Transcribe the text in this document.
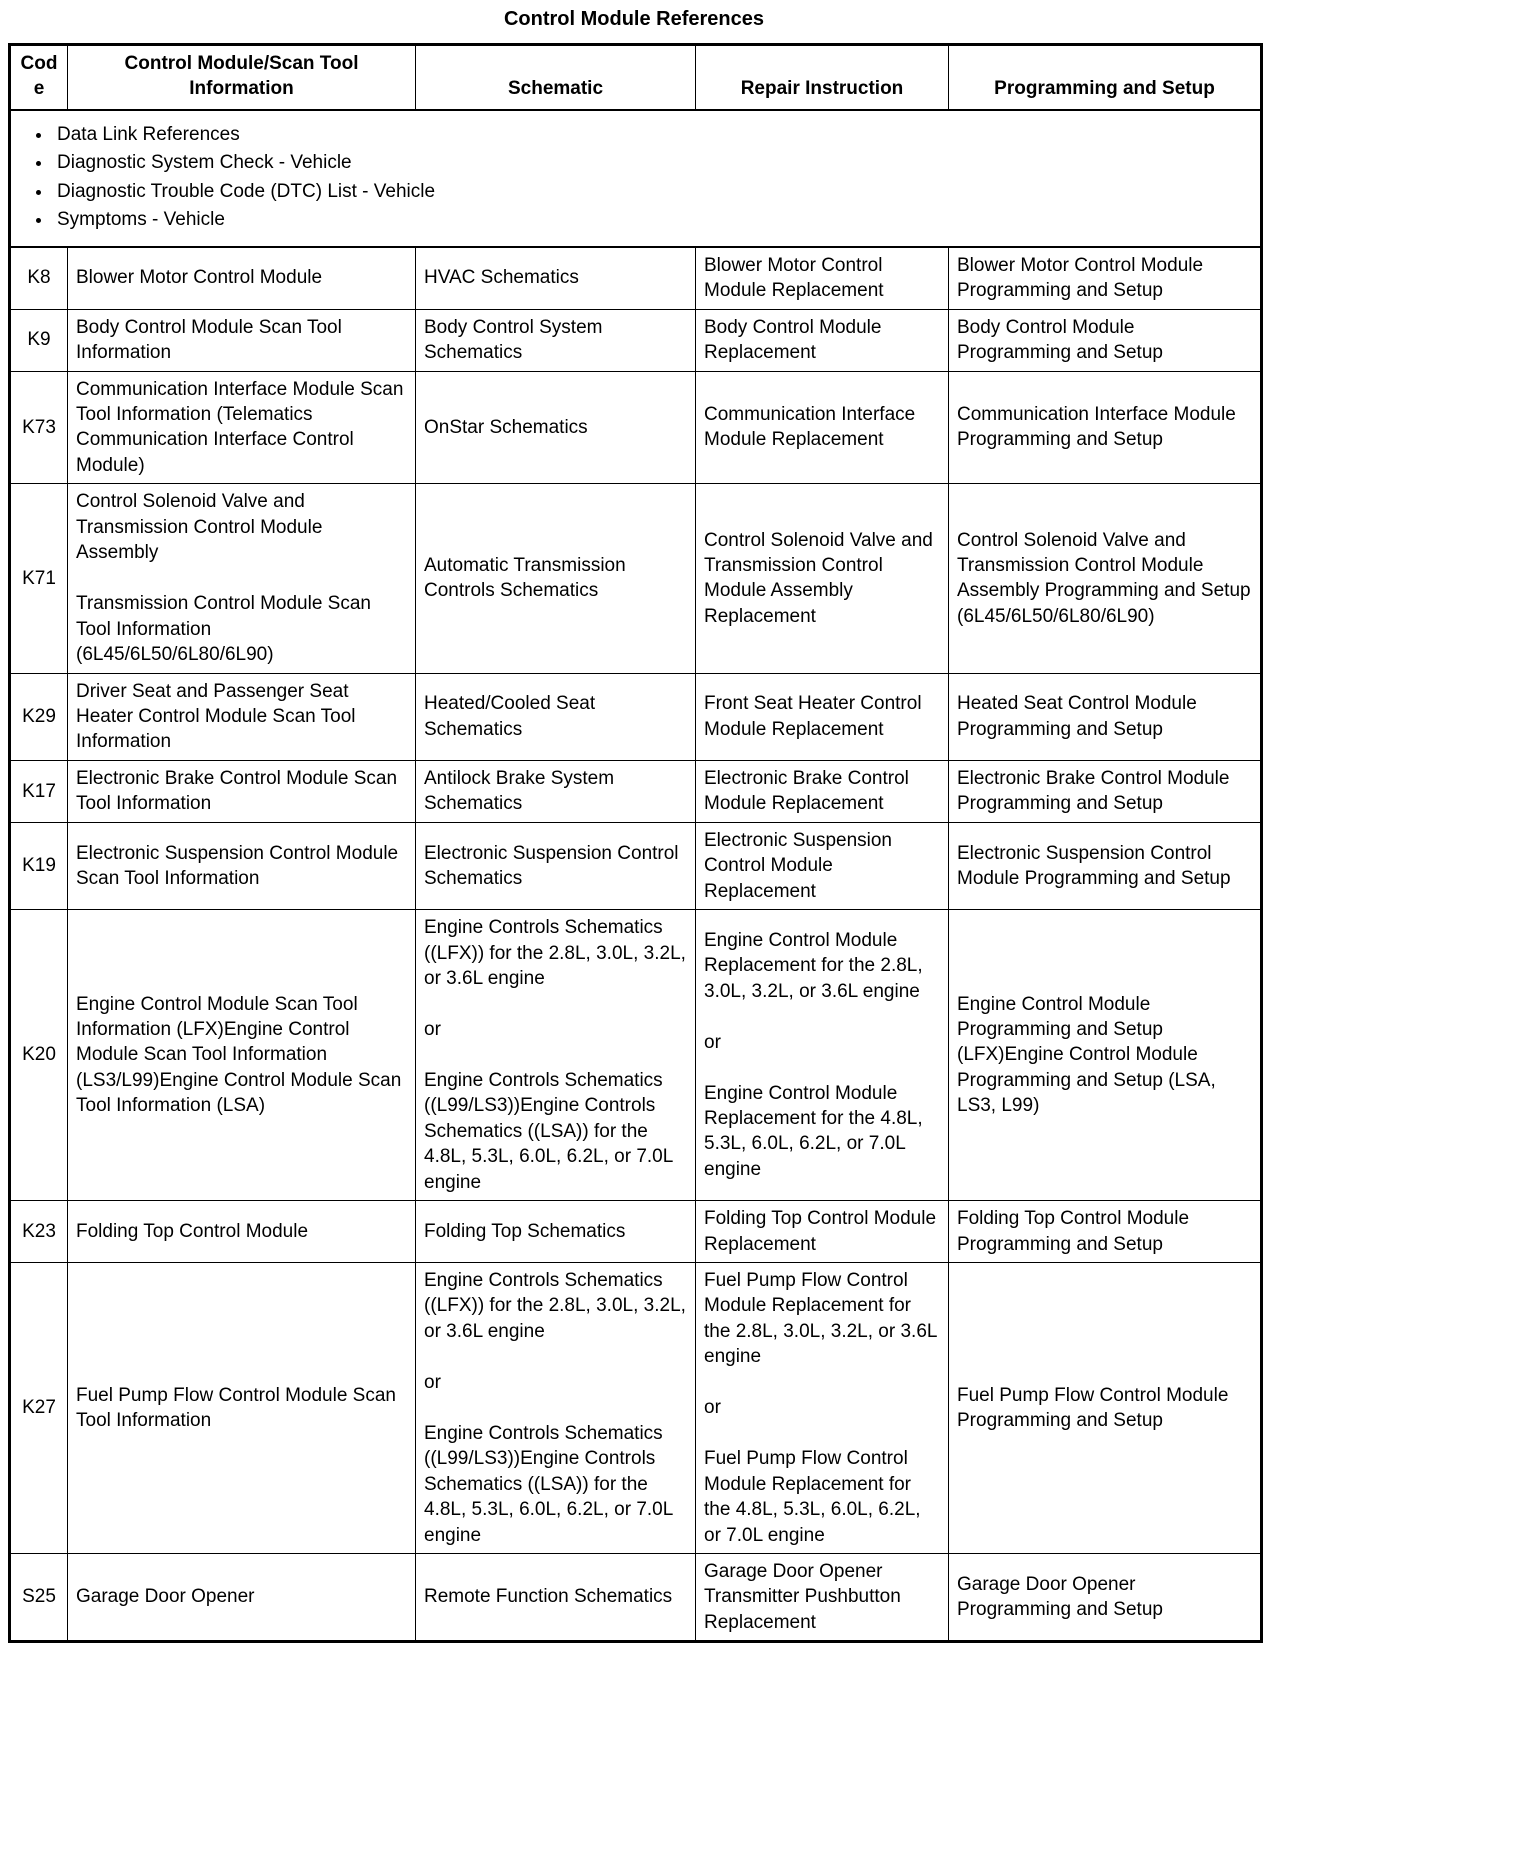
Control Module References
Code	Control Module/Scan Tool Information	Schematic	Repair Instruction	Programming and Setup

• Data Link References
• Diagnostic System Check - Vehicle
• Diagnostic Trouble Code (DTC) List - Vehicle
• Symptoms - Vehicle

K8	Blower Motor Control Module	HVAC Schematics	Blower Motor Control Module Replacement	Blower Motor Control Module Programming and Setup
K9	Body Control Module Scan Tool Information	Body Control System Schematics	Body Control Module Replacement	Body Control Module Programming and Setup
K73	Communication Interface Module Scan Tool Information (Telematics Communication Interface Control Module)	OnStar Schematics	Communication Interface Module Replacement	Communication Interface Module Programming and Setup
K71	Control Solenoid Valve and Transmission Control Module Assembly

Transmission Control Module Scan Tool Information (6L45/6L50/6L80/6L90)	Automatic Transmission Controls Schematics	Control Solenoid Valve and Transmission Control Module Assembly Replacement	Control Solenoid Valve and Transmission Control Module Assembly Programming and Setup (6L45/6L50/6L80/6L90)
K29	Driver Seat and Passenger Seat Heater Control Module Scan Tool Information	Heated/Cooled Seat Schematics	Front Seat Heater Control Module Replacement	Heated Seat Control Module Programming and Setup
K17	Electronic Brake Control Module Scan Tool Information	Antilock Brake System Schematics	Electronic Brake Control Module Replacement	Electronic Brake Control Module Programming and Setup
K19	Electronic Suspension Control Module Scan Tool Information	Electronic Suspension Control Schematics	Electronic Suspension Control Module Replacement	Electronic Suspension Control Module Programming and Setup
K20	Engine Control Module Scan Tool Information (LFX)Engine Control Module Scan Tool Information (LS3/L99)Engine Control Module Scan Tool Information (LSA)	Engine Controls Schematics ((LFX)) for the 2.8L, 3.0L, 3.2L, or 3.6L engine

or

Engine Controls Schematics ((L99/LS3))Engine Controls Schematics ((LSA)) for the 4.8L, 5.3L, 6.0L, 6.2L, or 7.0L engine	Engine Control Module Replacement for the 2.8L, 3.0L, 3.2L, or 3.6L engine

or

Engine Control Module Replacement for the 4.8L, 5.3L, 6.0L, 6.2L, or 7.0L engine	Engine Control Module Programming and Setup (LFX)Engine Control Module Programming and Setup (LSA, LS3, L99)
K23	Folding Top Control Module	Folding Top Schematics	Folding Top Control Module Replacement	Folding Top Control Module Programming and Setup
K27	Fuel Pump Flow Control Module Scan Tool Information	Engine Controls Schematics ((LFX)) for the 2.8L, 3.0L, 3.2L, or 3.6L engine

or

Engine Controls Schematics ((L99/LS3))Engine Controls Schematics ((LSA)) for the 4.8L, 5.3L, 6.0L, 6.2L, or 7.0L engine	Fuel Pump Flow Control Module Replacement for the 2.8L, 3.0L, 3.2L, or 3.6L engine

or

Fuel Pump Flow Control Module Replacement for the 4.8L, 5.3L, 6.0L, 6.2L, or 7.0L engine	Fuel Pump Flow Control Module Programming and Setup
S25	Garage Door Opener	Remote Function Schematics	Garage Door Opener Transmitter Pushbutton Replacement	Garage Door Opener Programming and Setup
